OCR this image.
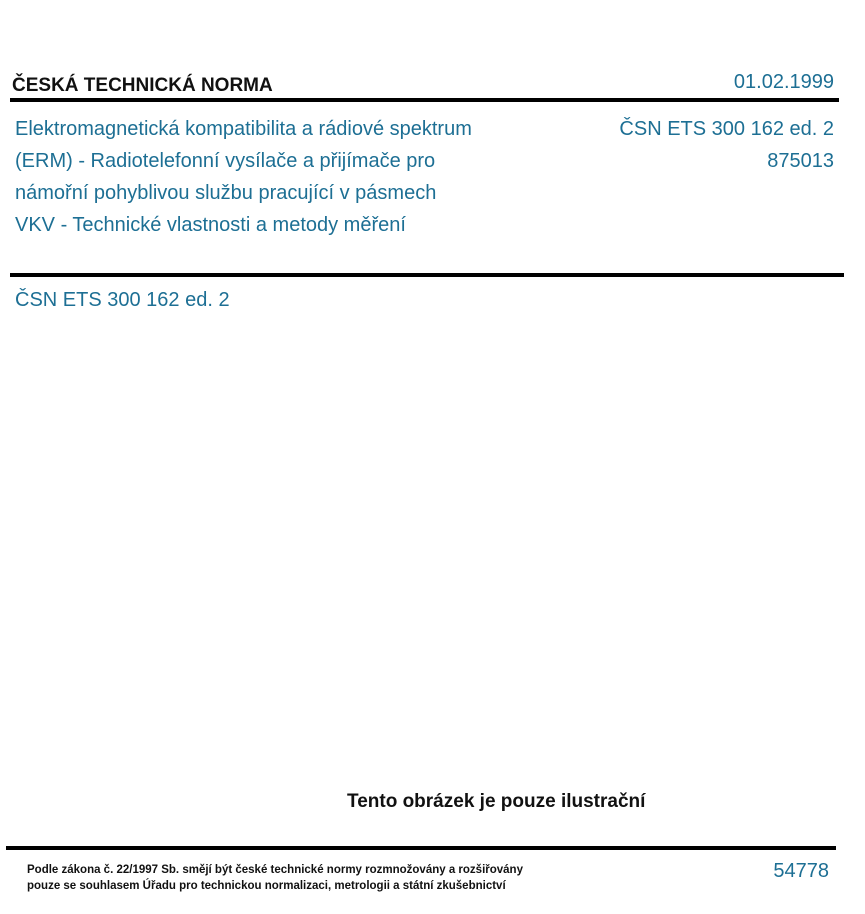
ČESKÁ TECHNICKÁ NORMA	01.02.1999
Elektromagnetická kompatibilita a rádiové spektrum
(ERM) - Radiotelefonní vysílače a přijímače pro
námořní pohyblivou službu pracující v pásmech
VKV - Technické vlastnosti a metody měření
ČSN ETS 300 162 ed. 2
875013
ČSN ETS 300 162 ed. 2
Tento obrázek je pouze ilustrační
Podle zákona č. 22/1997 Sb. smějí být české technické normy rozmnožovány a rozšiřovány
pouze se souhlasem Úřadu pro technickou normalizaci, metrologii a státní zkušebnictví
54778
